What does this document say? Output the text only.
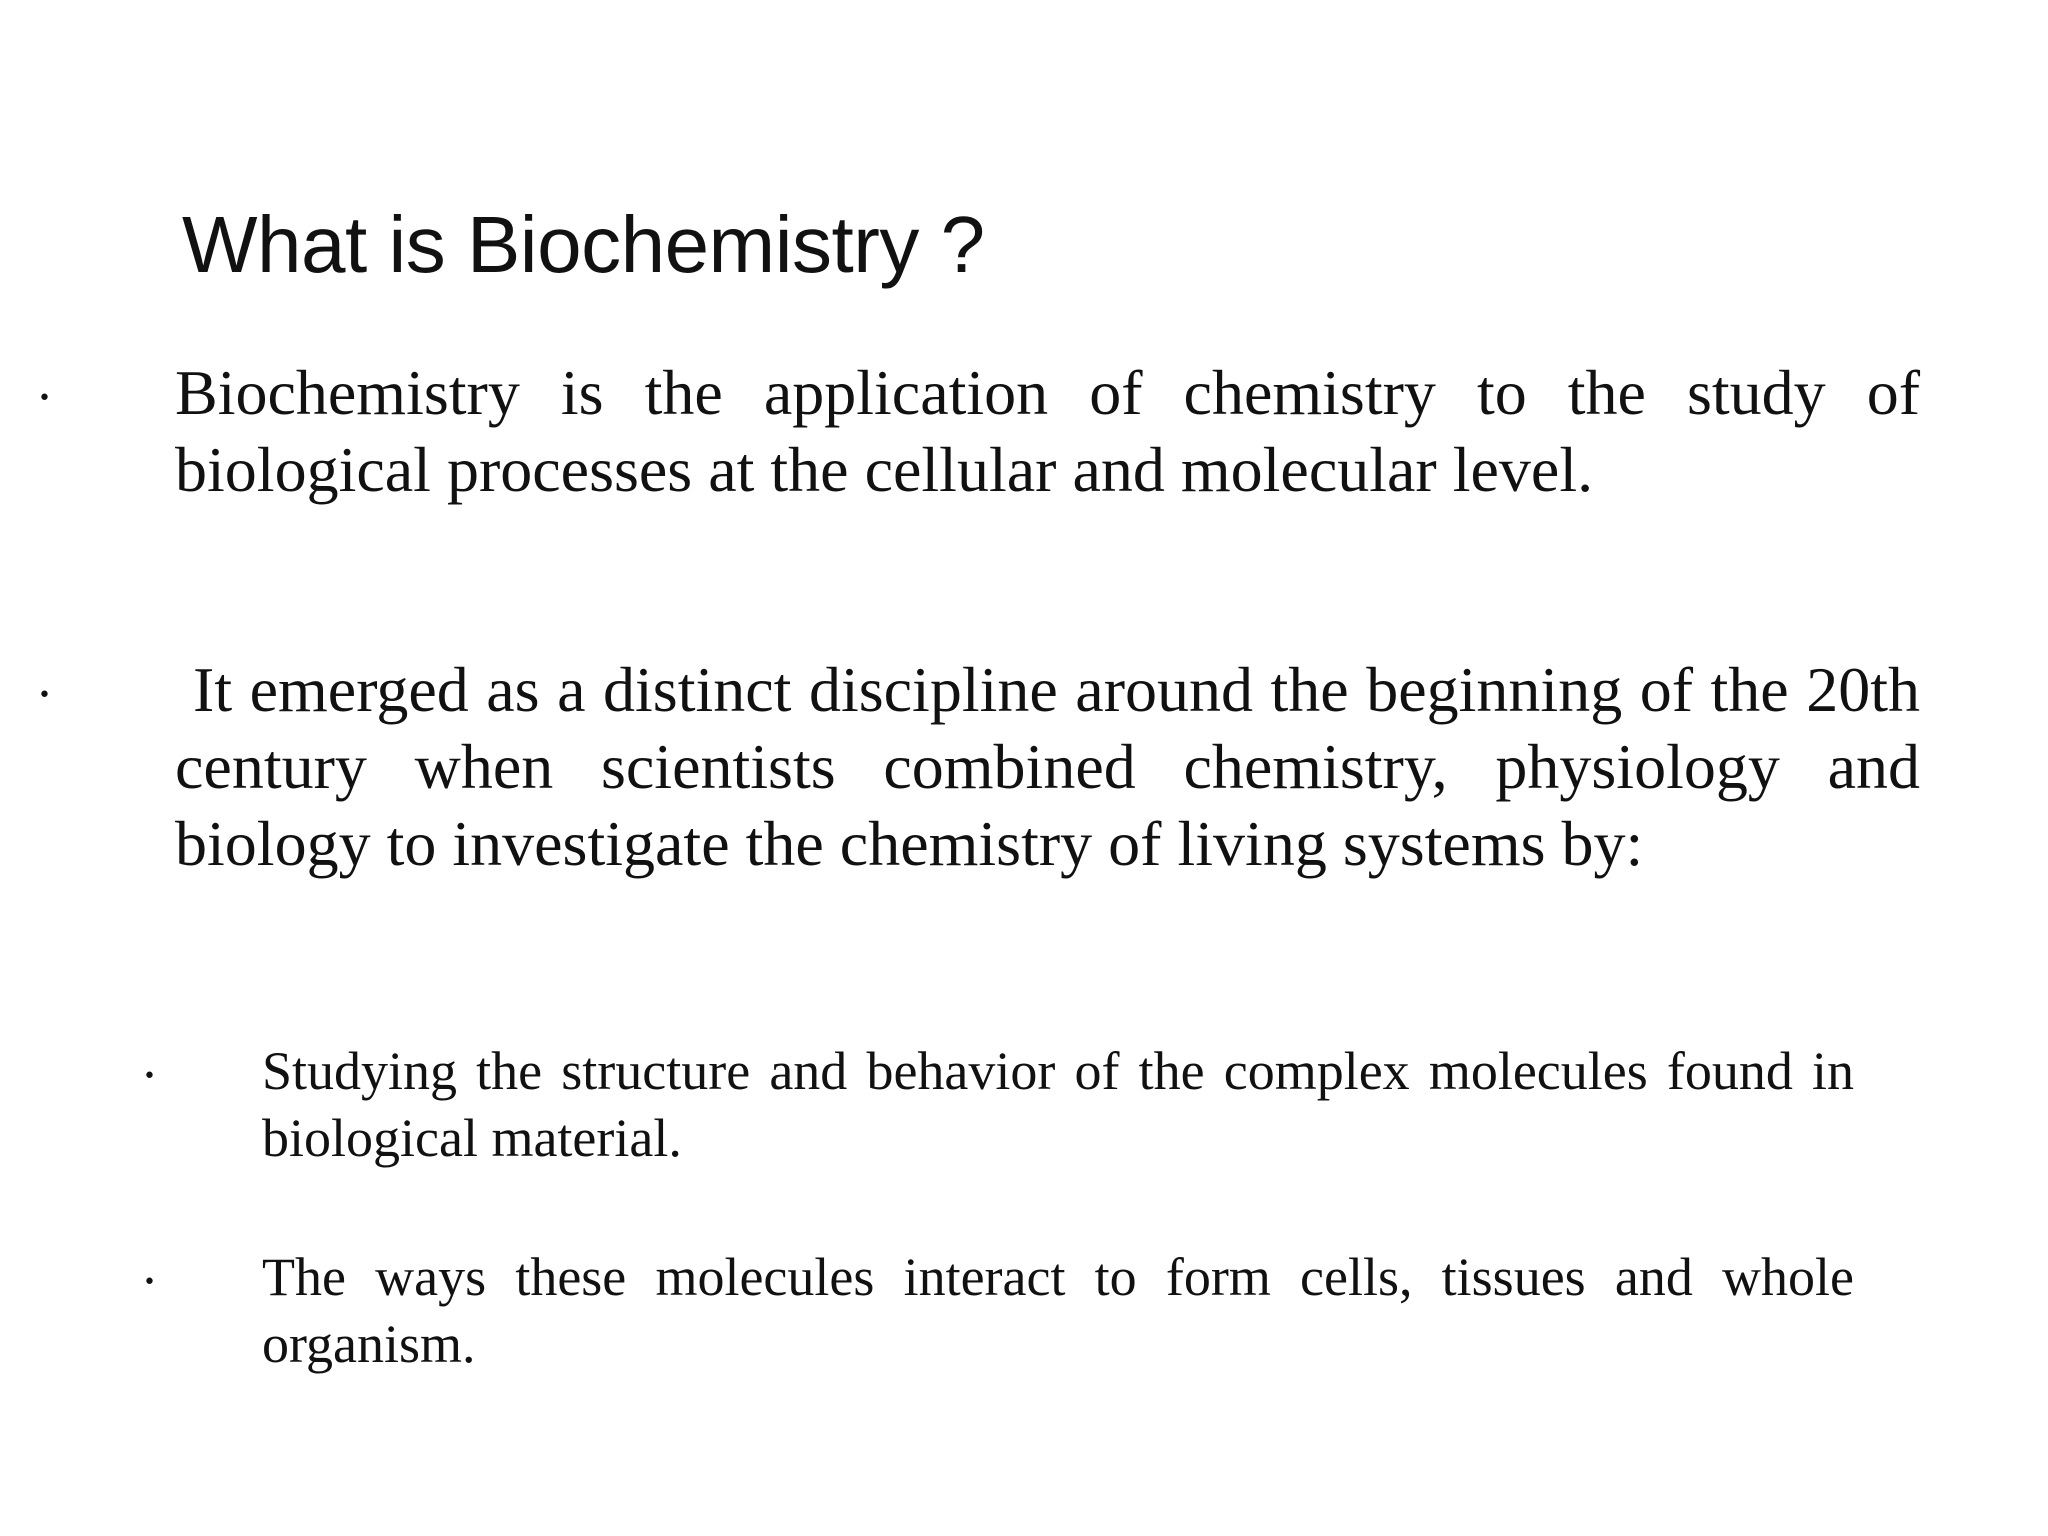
What is Biochemistry ?
• Biochemistry is the application of chemistry to the study of biological processes at the cellular and molecular level.

• It emerged as a distinct discipline around the beginning of the 20th century when scientists combined chemistry, physiology and biology to investigate the chemistry of living systems by:

• Studying the structure and behavior of the complex molecules found in biological material.

• The ways these molecules interact to form cells, tissues and whole organism.
